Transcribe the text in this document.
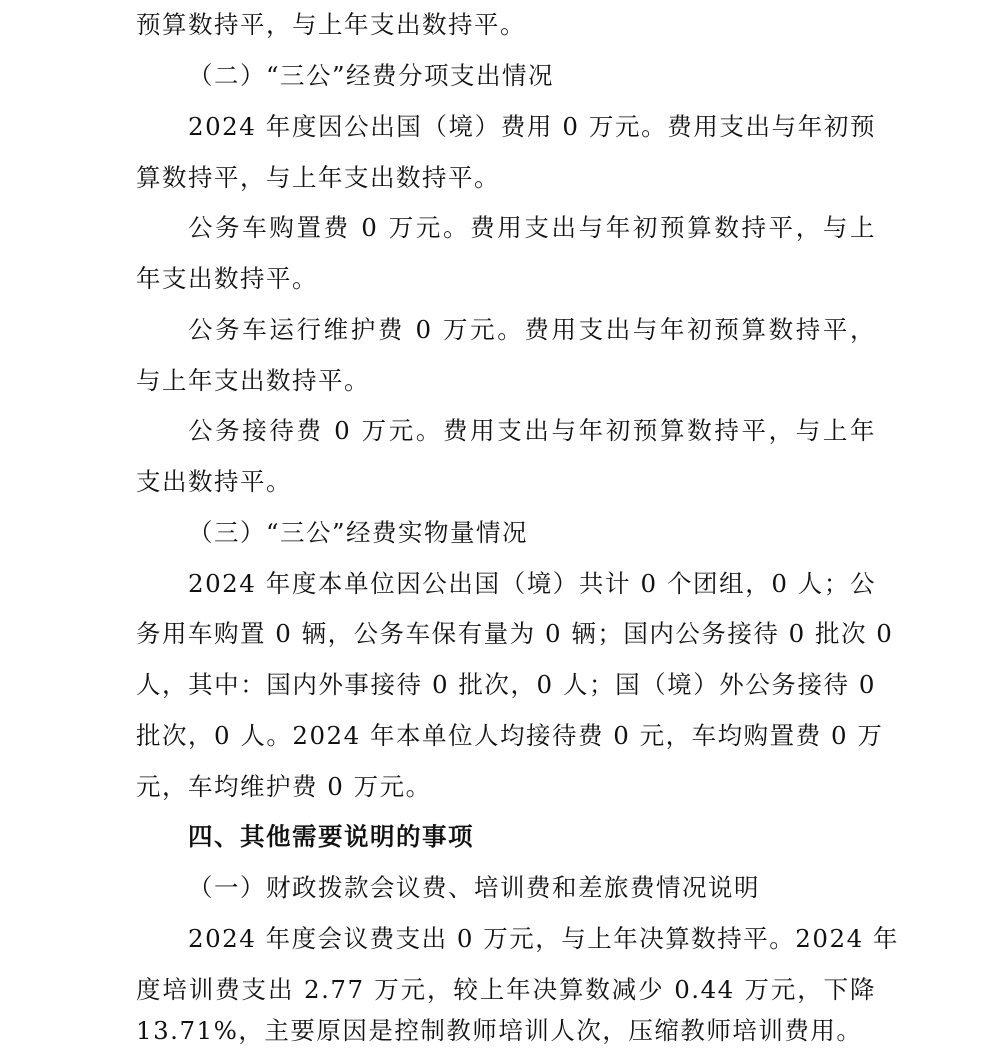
预算数持平，与上年支出数持平。
（二）“三公”经费分项支出情况
2024 年度因公出国（境）费用 0 万元。费用支出与年初预
算数持平，与上年支出数持平。
公务车购置费 0 万元。费用支出与年初预算数持平，与上
年支出数持平。
公务车运行维护费 0 万元。费用支出与年初预算数持平，
与上年支出数持平。
公务接待费 0 万元。费用支出与年初预算数持平，与上年
支出数持平。
（三）“三公”经费实物量情况
2024 年度本单位因公出国（境）共计 0 个团组，0 人；公
务用车购置 0 辆，公务车保有量为 0 辆；国内公务接待 0 批次 0
人，其中：国内外事接待 0 批次，0 人；国（境）外公务接待 0
批次，0 人。2024 年本单位人均接待费 0 元，车均购置费 0 万
元，车均维护费 0 万元。
四、其他需要说明的事项
（一）财政拨款会议费、培训费和差旅费情况说明
2024 年度会议费支出 0 万元，与上年决算数持平。2024 年
度培训费支出 2.77 万元，较上年决算数减少 0.44 万元，下降
13.71%，主要原因是控制教师培训人次，压缩教师培训费用。
